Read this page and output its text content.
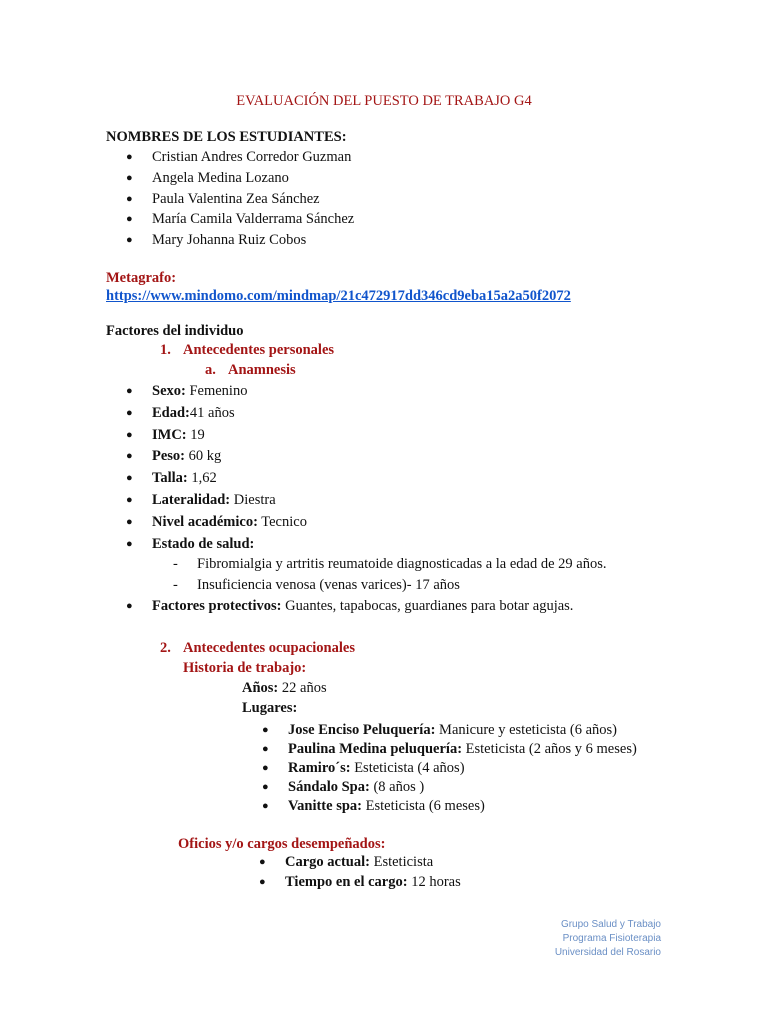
EVALUACIÓN DEL PUESTO DE TRABAJO G4
NOMBRES DE LOS ESTUDIANTES:
● Cristian Andres Corredor Guzman
● Angela Medina Lozano
● Paula Valentina Zea Sánchez
● María Camila Valderrama Sánchez
● Mary Johanna Ruiz Cobos
Metagrafo:
https://www.mindomo.com/mindmap/21c472917dd346cd9eba15a2a50f2072
Factores del individuo
1. Antecedentes personales
a. Anamnesis
● Sexo: Femenino
● Edad:41 años
● IMC: 19
● Peso: 60 kg
● Talla: 1,62
● Lateralidad: Diestra
● Nivel académico: Tecnico
● Estado de salud:
- Fibromialgia y artritis reumatoide diagnosticadas a la edad de 29 años.
- Insuficiencia venosa (venas varices)- 17 años
● Factores protectivos: Guantes, tapabocas, guardianes para botar agujas.
2. Antecedentes ocupacionales
Historia de trabajo:
Años: 22 años
Lugares:
● Jose Enciso Peluquería: Manicure y esteticista (6 años)
● Paulina Medina peluquería: Esteticista (2 años y 6 meses)
● Ramiro´s: Esteticista (4 años)
● Sándalo Spa: (8 años )
● Vanitte spa: Esteticista (6 meses)
Oficios y/o cargos desempeñados:
● Cargo actual: Esteticista
● Tiempo en el cargo: 12 horas
Grupo Salud y Trabajo
Programa Fisioterapia
Universidad del Rosario
